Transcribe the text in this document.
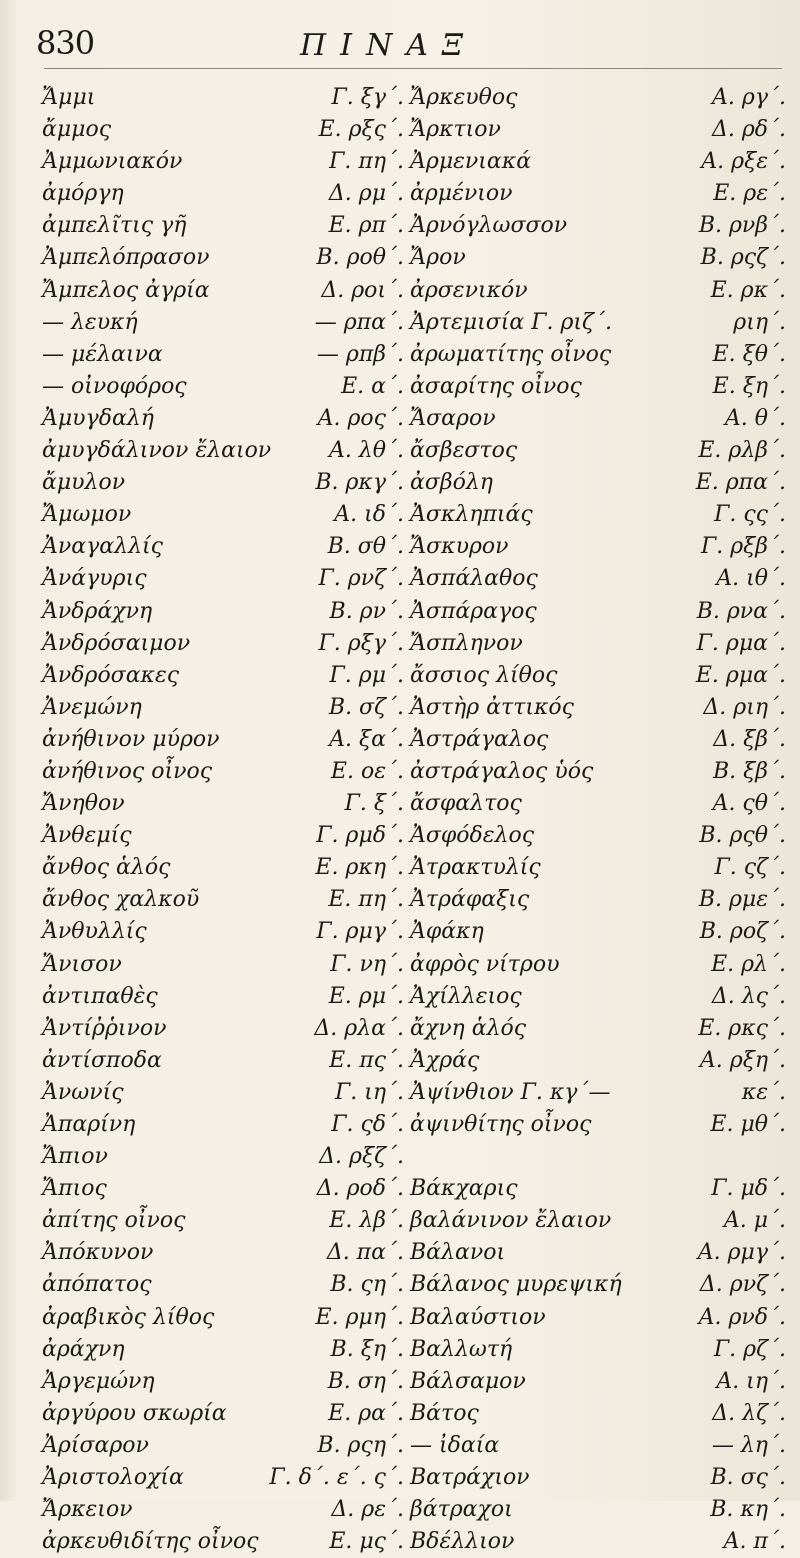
830	ΠΙΝΑΞ
Ἄμμι	Γ. ξγ΄.
ἄμμος	Ε. ρξς΄.
Ἀμμωνιακόν	Γ. πη΄.
ἀμόργη	Δ. ρμ΄.
ἀμπελῖτις γῆ	Ε. ρπ΄.
Ἀμπελόπρασον	Β. ροθ΄.
Ἄμπελος ἀγρία	Δ. ροι΄.
— λευκή	— ρπα΄.
— μέλαινα	— ρπβ΄.
— οἰνοφόρος	Ε. α΄.
Ἀμυγδαλή	Α. ρος΄.
ἀμυγδάλινον ἔλαιον	Α. λθ΄.
ἄμυλον	Β. ρκγ΄.
Ἄμωμον	Α. ιδ΄.
Ἀναγαλλίς	Β. σθ΄.
Ἀνάγυρις	Γ. ρνζ΄.
Ἀνδράχνη	Β. ρν΄.
Ἀνδρόσαιμον	Γ. ρξγ΄.
Ἀνδρόσακες	Γ. ρμ΄.
Ἀνεμώνη	Β. σζ΄.
ἀνήθινον μύρον	Α. ξα΄.
ἀνήθινος οἶνος	Ε. οε΄.
Ἄνηθον	Γ. ξ΄.
Ἀνθεμίς	Γ. ρμδ΄.
ἄνθος ἁλός	Ε. ρκη΄.
ἄνθος χαλκοῦ	Ε. πη΄.
Ἀνθυλλίς	Γ. ρμγ΄.
Ἄνισον	Γ. νη΄.
ἀντιπαθὲς	Ε. ρμ΄.
Ἀντίῤῥινον	Δ. ρλα΄.
ἀντίσποδα	Ε. πς΄.
Ἀνωνίς	Γ. ιη΄.
Ἀπαρίνη	Γ. ςδ΄.
Ἄπιον	Δ. ρξζ΄.
Ἄπιος	Δ. ροδ΄.
ἀπίτης οἶνος	Ε. λβ΄.
Ἀπόκυνον	Δ. πα΄.
ἀπόπατος	Β. ςη΄.
ἀραβικὸς λίθος	Ε. ρμη΄.
ἀράχνη	Β. ξη΄.
Ἀργεμώνη	Β. ση΄.
ἀργύρου σκωρία	Ε. ρα΄.
Ἀρίσαρον	Β. ρςη΄.
Ἀριστολοχία	Γ. δ΄. ε΄. ς΄.
Ἄρκειον	Δ. ρε΄.
ἀρκευθιδίτης οἶνος	Ε. μς΄.
Ἄρκευθος	Α. ργ΄.
Ἄρκτιον	Δ. ρδ΄.
Ἀρμενιακά	Α. ρξε΄.
ἀρμένιον	Ε. ρε΄.
Ἀρνόγλωσσον	Β. ρνβ΄.
Ἄρον	Β. ρςζ΄.
ἀρσενικόν	Ε. ρκ΄.
Ἀρτεμισία Γ. ριζ΄.	ριη΄.
ἀρωματίτης οἶνος	Ε. ξθ΄.
ἀσαρίτης οἶνος	Ε. ξη΄.
Ἄσαρον	Α. θ΄.
ἄσβεστος	Ε. ρλβ΄.
ἀσβόλη	Ε. ρπα΄.
Ἀσκληπιάς	Γ. ςς΄.
Ἄσκυρον	Γ. ρξβ΄.
Ἀσπάλαθος	Α. ιθ΄.
Ἀσπάραγος	Β. ρνα΄.
Ἄσπληνον	Γ. ρμα΄.
ἄσσιος λίθος	Ε. ρμα΄.
Ἀστὴρ ἀττικός	Δ. ριη΄.
Ἀστράγαλος	Δ. ξβ΄.
ἀστράγαλος ὑός	Β. ξβ΄.
ἄσφαλτος	Α. ςθ΄.
Ἀσφόδελος	Β. ρςθ΄.
Ἀτρακτυλίς	Γ. ςζ΄.
Ἀτράφαξις	Β. ρμε΄.
Ἀφάκη	Β. ροζ΄.
ἀφρὸς νίτρου	Ε. ρλ΄.
Ἀχίλλειος	Δ. λς΄.
ἄχνη ἁλός	Ε. ρκς΄.
Ἀχράς	Α. ρξη΄.
Ἀψίνθιον Γ. κγ΄—	κε΄.
ἀψινθίτης οἶνος	Ε. μθ΄.
Βάκχαρις	Γ. μδ΄.
βαλάνινον ἔλαιον	Α. μ΄.
Βάλανοι	Α. ρμγ΄.
Βάλανος μυρεψική	Δ. ρνζ΄.
Βαλαύστιον	Α. ρνδ΄.
Βαλλωτή	Γ. ρζ΄.
Βάλσαμον	Α. ιη΄.
Βάτος	Δ. λζ΄.
— ἰδαία	— λη΄.
Βατράχιον	Β. σς΄.
βάτραχοι	Β. κη΄.
Βδέλλιον	Α. π΄.
